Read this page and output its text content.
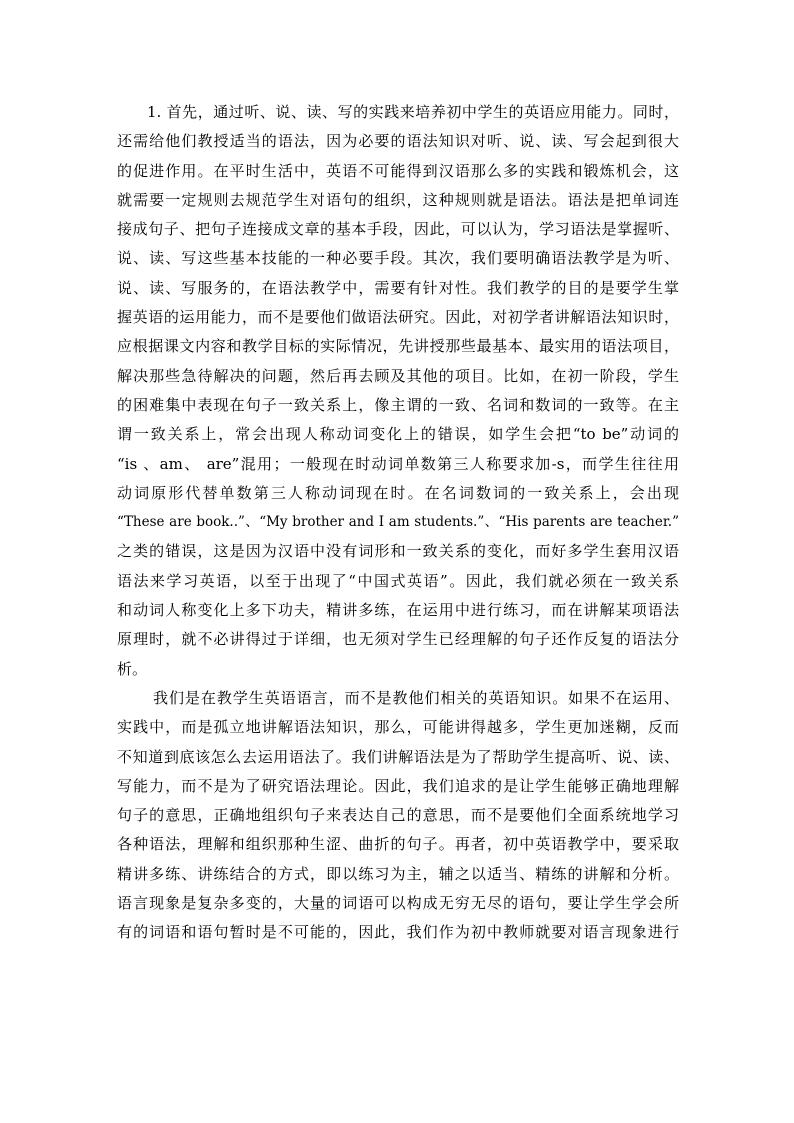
1. 首先，通过听、说、读、写的实践来培养初中学生的英语应用能力。同时，
还需给他们教授适当的语法，因为必要的语法知识对听、说、读、写会起到很大
的促进作用。在平时生活中，英语不可能得到汉语那么多的实践和锻炼机会，这
就需要一定规则去规范学生对语句的组织，这种规则就是语法。语法是把单词连
接成句子、把句子连接成文章的基本手段，因此，可以认为，学习语法是掌握听、
说、读、写这些基本技能的一种必要手段。其次，我们要明确语法教学是为听、
说、读、写服务的，在语法教学中，需要有针对性。我们教学的目的是要学生掌
握英语的运用能力，而不是要他们做语法研究。因此，对初学者讲解语法知识时，
应根据课文内容和教学目标的实际情况，先讲授那些最基本、最实用的语法项目，
解决那些急待解决的问题，然后再去顾及其他的项目。比如，在初一阶段，学生
的困难集中表现在句子一致关系上，像主谓的一致、名词和数词的一致等。在主
谓一致关系上，常会出现人称动词变化上的错误，如学生会把“to be”动词的
“is 、am、 are”混用；一般现在时动词单数第三人称要求加-s，而学生往往用
动词原形代替单数第三人称动词现在时。在名词数词的一致关系上，会出现
“These are book..”、“My brother and I am students.”、“His parents are teacher.”
之类的错误，这是因为汉语中没有词形和一致关系的变化，而好多学生套用汉语
语法来学习英语，以至于出现了“中国式英语”。因此，我们就必须在一致关系
和动词人称变化上多下功夫，精讲多练，在运用中进行练习，而在讲解某项语法
原理时，就不必讲得过于详细，也无须对学生已经理解的句子还作反复的语法分
析。
我们是在教学生英语语言，而不是教他们相关的英语知识。如果不在运用、
实践中，而是孤立地讲解语法知识，那么，可能讲得越多，学生更加迷糊，反而
不知道到底该怎么去运用语法了。我们讲解语法是为了帮助学生提高听、说、读、
写能力，而不是为了研究语法理论。因此，我们追求的是让学生能够正确地理解
句子的意思，正确地组织句子来表达自己的意思，而不是要他们全面系统地学习
各种语法，理解和组织那种生涩、曲折的句子。再者，初中英语教学中，要采取
精讲多练、讲练结合的方式，即以练习为主，辅之以适当、精练的讲解和分析。
语言现象是复杂多变的，大量的词语可以构成无穷无尽的语句，要让学生学会所
有的词语和语句暂时是不可能的，因此，我们作为初中教师就要对语言现象进行
